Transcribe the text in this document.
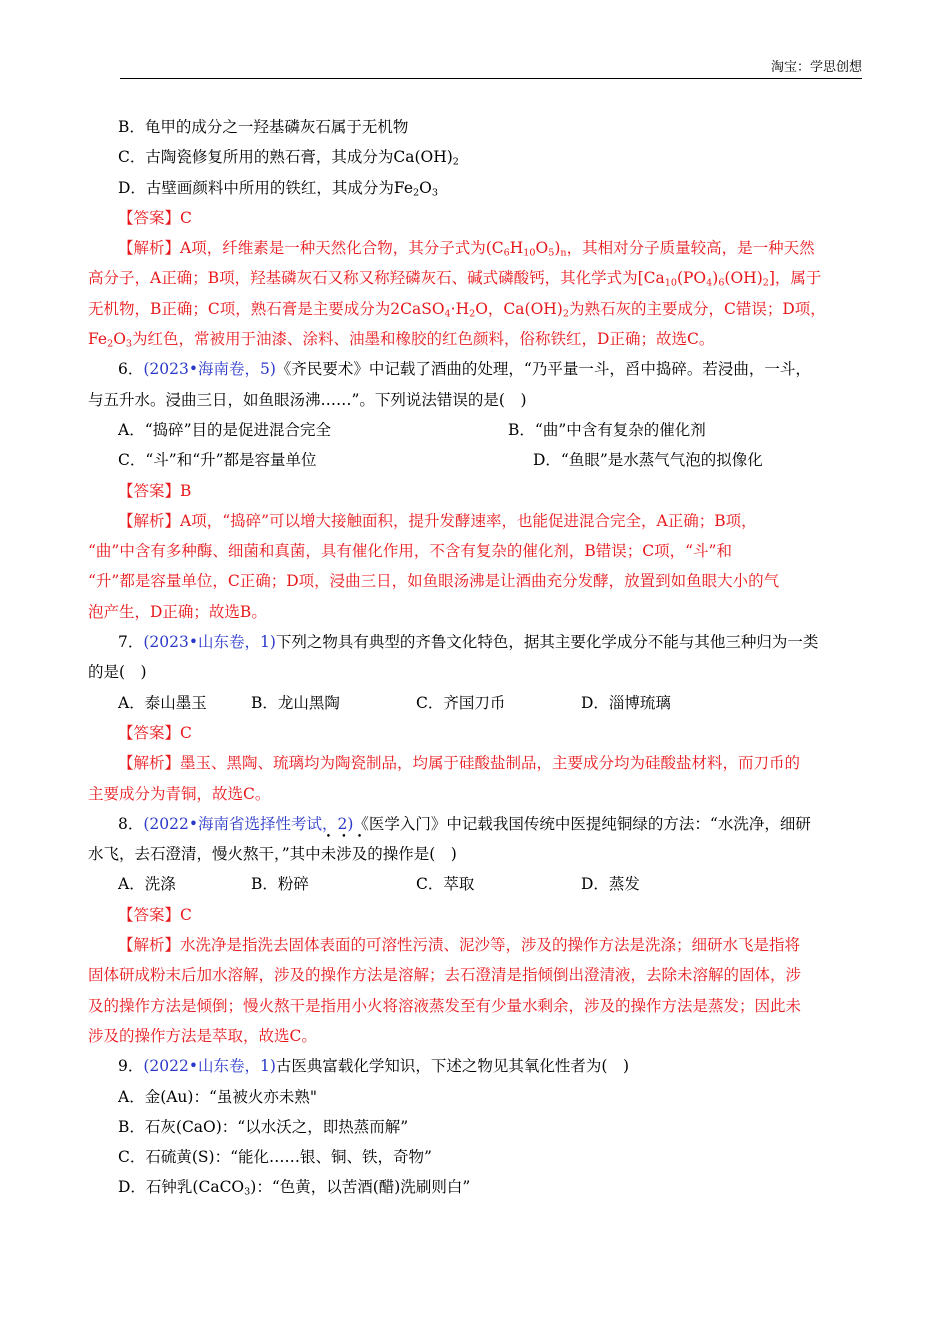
淘宝：学思创想
B．龟甲的成分之一羟基磷灰石属于无机物
C．古陶瓷修复所用的熟石膏，其成分为$Ca(OH)_2$
D．古壁画颜料中所用的铁红，其成分为$Fe_2O_3$
【答案】C
【解析】A项，纤维素是一种天然化合物，其分子式为$(C_6H_{10}O_5)_n$，其相对分子质量较高，是一种天然
高分子，A正确；B项，羟基磷灰石又称又称羟磷灰石、碱式磷酸钙，其化学式为$[Ca_{10}(PO_4)_6(OH)_2]$，属于
无机物，B正确；C项，熟石膏是主要成分为$2CaSO_4\cdot H_2O$，$Ca(OH)_2$为熟石灰的主要成分，C错误；D项，
$Fe_2O_3$为红色，常被用于油漆、涂料、油墨和橡胶的红色颜料，俗称铁红，D正确；故选C。
6．(2023•海南卷，5)《齐民要术》中记载了酒曲的处理，“乃平量一斗，舀中捣碎。若浸曲，一斗，
与五升水。浸曲三日，如鱼眼汤沸……”。下列说法错误的是(　)
A．“捣碎”目的是促进混合完全	B．“曲”中含有复杂的催化剂
C．“斗”和“升”都是容量单位	D．“鱼眼”是水蒸气气泡的拟像化
【答案】B
【解析】A项，“捣碎”可以增大接触面积，提升发酵速率，也能促进混合完全，A正确；B项，
“曲”中含有多种酶、细菌和真菌，具有催化作用，不含有复杂的催化剂，B错误；C项，“斗”和
“升”都是容量单位，C正确；D项，浸曲三日，如鱼眼汤沸是让酒曲充分发酵，放置到如鱼眼大小的气
泡产生，D正确；故选B。
7．(2023•山东卷，1)下列之物具有典型的齐鲁文化特色，据其主要化学成分不能与其他三种归为一类
的是(　)
A．泰山墨玉	B．龙山黑陶	C．齐国刀币	D．淄博琉璃
【答案】C
【解析】墨玉、黑陶、琉璃均为陶瓷制品，均属于硅酸盐制品，主要成分均为硅酸盐材料，而刀币的
主要成分为青铜，故选C。
8．(2022•海南省选择性考试，2)《医学入门》中记载我国传统中医提纯铜绿的方法：“水洗净，细研
水飞，去石澄清，慢火熬干，”其中未涉及的操作是(　)
A．洗涤	B．粉碎	C．萃取	D．蒸发
【答案】C
【解析】水洗净是指洗去固体表面的可溶性污渍、泥沙等，涉及的操作方法是洗涤；细研水飞是指将
固体研成粉末后加水溶解，涉及的操作方法是溶解；去石澄清是指倾倒出澄清液，去除未溶解的固体，涉
及的操作方法是倾倒；慢火熬干是指用小火将溶液蒸发至有少量水剩余，涉及的操作方法是蒸发；因此未
涉及的操作方法是萃取，故选C。
9．(2022•山东卷，1)古医典富载化学知识，下述之物见其氧化性者为(　)
A．金(Au)：“虽被火亦未熟"
B．石灰(CaO)：“以水沃之，即热蒸而解”
C．石硫黄(S)：“能化……银、铜、铁，奇物”
D．石钟乳(CaCO$_3$)：“色黄，以苦酒(醋)洗刷则白”
